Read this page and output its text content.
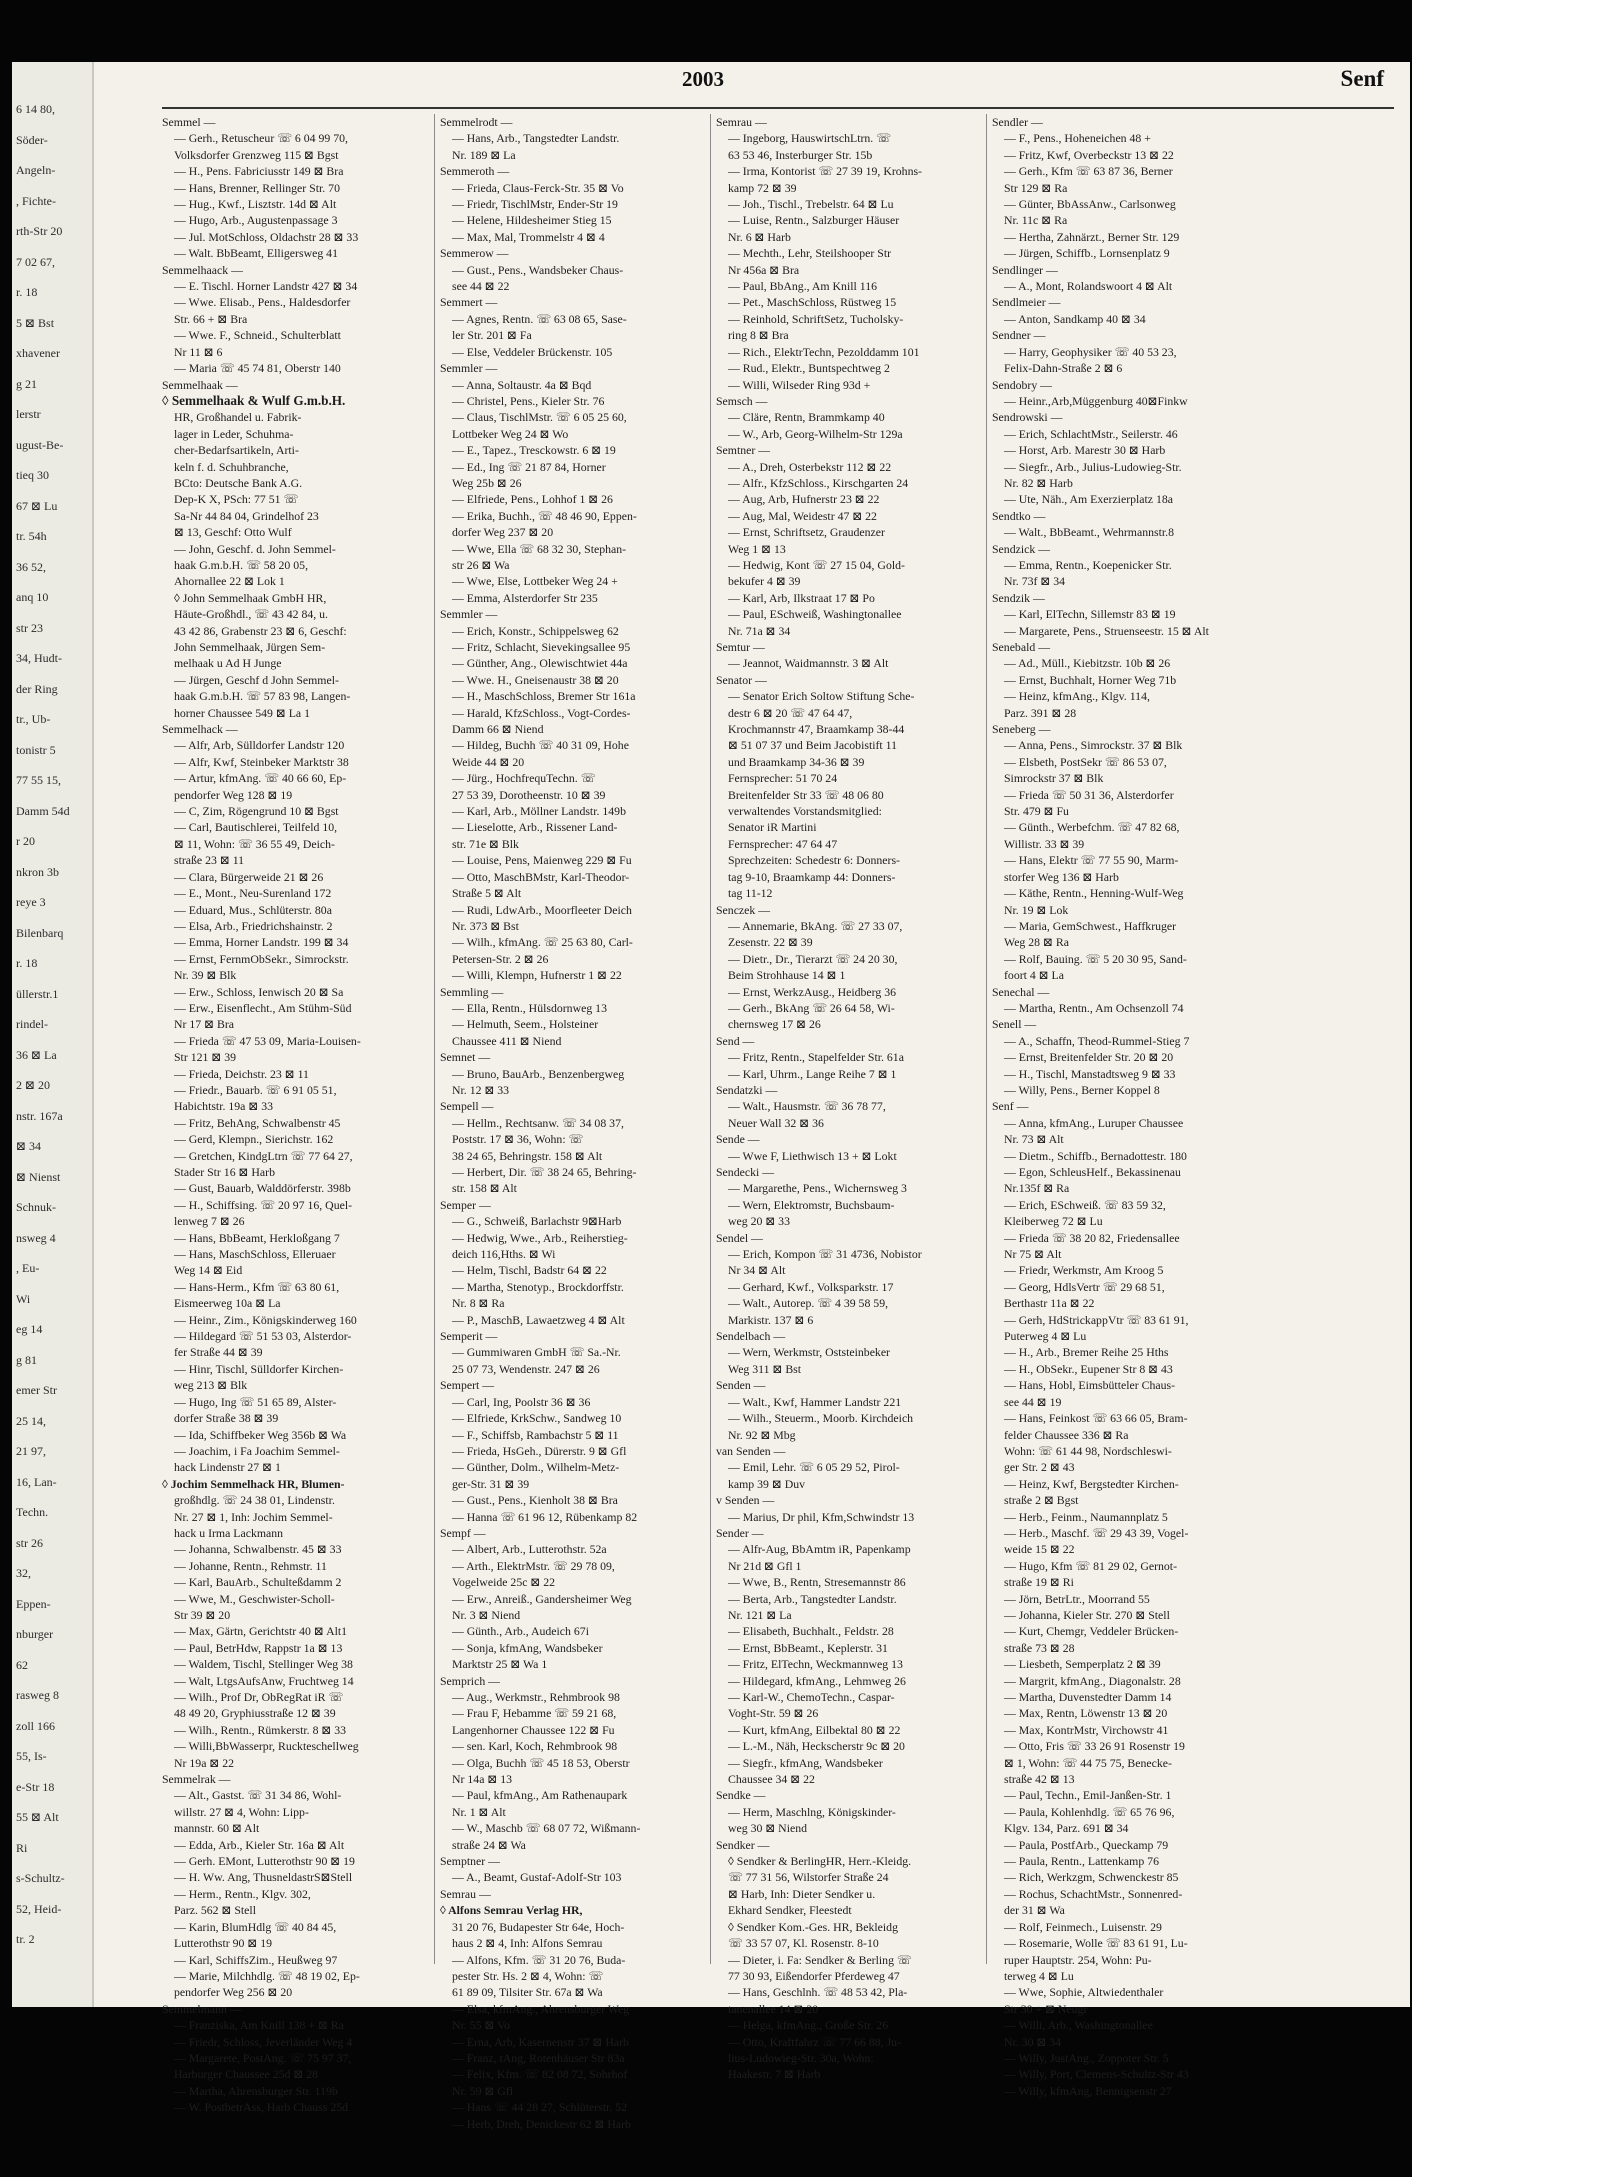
6 14 80,
Söder-
Angeln-
, Fichte-
rth-Str 20
7 02 67,
r. 18
5 ⊠ Bst
xhavener
g 21
lerstr
ugust-Be-
tieq 30
67 ⊠ Lu
tr. 54h
36 52,
anq 10
str 23
34, Hudt-
der Ring
tr., Ub-
tonistr 5
77 55 15,
Damm 54d
r 20
nkron 3b
reye 3
Bilenbarq
r. 18
üllerstr.1
rindel-
36 ⊠ La
2 ⊠ 20
nstr. 167a
⊠ 34
⊠ Nienst
Schnuk-
nsweg 4
, Eu-
Wi
eg 14
g 81
emer Str
25 14,
21 97,
16, Lan-
Techn.
str 26
32,
Eppen-
nburger
62
rasweg 8
zoll 166
55, Is-
e-Str 18
55 ⊠ Alt
Ri
s-Schultz-
52, Heid-
tr. 2
2003	Senf
Semmel —
— Gerh., Retuscheur ☏ 6 04 99 70,
Volksdorfer Grenzweg 115 ⊠ Bgst
— H., Pens. Fabriciusstr 149 ⊠ Bra
— Hans, Brenner, Rellinger Str. 70
— Hug., Kwf., Lisztstr. 14d ⊠ Alt
— Hugo, Arb., Augustenpassage 3
— Jul. MotSchloss, Oldachstr 28 ⊠ 33
— Walt. BbBeamt, Elligersweg 41
Semmelhaack —
— E. Tischl. Horner Landstr 427 ⊠ 34
— Wwe. Elisab., Pens., Haldesdorfer
Str. 66 + ⊠ Bra
— Wwe. F., Schneid., Schulterblatt
Nr 11 ⊠ 6
— Maria ☏ 45 74 81, Oberstr 140
Semmelhaak —
◊ Semmelhaak & Wulf G.m.b.H.
HR, Großhandel u. Fabrik-
lager in Leder, Schuhma-
cher-Bedarfsartikeln, Arti-
keln f. d. Schuhbranche,
BCto: Deutsche Bank A.G.
Dep-K X, PSch: 77 51 ☏
Sa-Nr 44 84 04, Grindelhof 23
⊠ 13, Geschf: Otto Wulf
— John, Geschf. d. John Semmel-
haak G.m.b.H. ☏ 58 20 05,
Ahornallee 22 ⊠ Lok 1
◊ John Semmelhaak GmbH HR,
Häute-Großhdl., ☏ 43 42 84, u.
43 42 86, Grabenstr 23 ⊠ 6, Geschf:
John Semmelhaak, Jürgen Sem-
melhaak u Ad H Junge
— Jürgen, Geschf d John Semmel-
haak G.m.b.H. ☏ 57 83 98, Langen-
horner Chaussee 549 ⊠ La 1
Semmelhack —
— Alfr, Arb, Sülldorfer Landstr 120
— Alfr, Kwf, Steinbeker Marktstr 38
— Artur, kfmAng. ☏ 40 66 60, Ep-
pendorfer Weg 128 ⊠ 19
— C, Zim, Rögengrund 10 ⊠ Bgst
— Carl, Bautischlerei, Teilfeld 10,
⊠ 11, Wohn: ☏ 36 55 49, Deich-
straße 23 ⊠ 11
— Clara, Bürgerweide 21 ⊠ 26
— E., Mont., Neu-Surenland 172
— Eduard, Mus., Schlüterstr. 80a
— Elsa, Arb., Friedrichshainstr. 2
— Emma, Horner Landstr. 199 ⊠ 34
— Ernst, FernmObSekr., Simrockstr.
Nr. 39 ⊠ Blk
— Erw., Schloss, Ienwisch 20 ⊠ Sa
— Erw., Eisenflecht., Am Stühm-Süd
Nr 17 ⊠ Bra
— Frieda ☏ 47 53 09, Maria-Louisen-
Str 121 ⊠ 39
— Frieda, Deichstr. 23 ⊠ 11
— Friedr., Bauarb. ☏ 6 91 05 51,
Habichtstr. 19a ⊠ 33
— Fritz, BehAng, Schwalbenstr 45
— Gerd, Klempn., Sierichstr. 162
— Gretchen, KindgLtrn ☏ 77 64 27,
Stader Str 16 ⊠ Harb
— Gust, Bauarb, Walddörferstr. 398b
— H., Schiffsing. ☏ 20 97 16, Quel-
lenweg 7 ⊠ 26
— Hans, BbBeamt, Herkloßgang 7
— Hans, MaschSchloss, Elleruaer
Weg 14 ⊠ Eid
— Hans-Herm., Kfm ☏ 63 80 61,
Eismeerweg 10a ⊠ La
— Heinr., Zim., Königskinderweg 160
— Hildegard ☏ 51 53 03, Alsterdor-
fer Straße 44 ⊠ 39
— Hinr, Tischl, Sülldorfer Kirchen-
weg 213 ⊠ Blk
— Hugo, Ing ☏ 51 65 89, Alster-
dorfer Straße 38 ⊠ 39
— Ida, Schiffbeker Weg 356b ⊠ Wa
— Joachim, i Fa Joachim Semmel-
hack Lindenstr 27 ⊠ 1
◊ Jochim Semmelhack HR, Blumen-
großhdlg. ☏ 24 38 01, Lindenstr.
Nr. 27 ⊠ 1, Inh: Jochim Semmel-
hack u Irma Lackmann
— Johanna, Schwalbenstr. 45 ⊠ 33
— Johanne, Rentn., Rehmstr. 11
— Karl, BauArb., Schulteßdamm 2
— Wwe, M., Geschwister-Scholl-
Str 39 ⊠ 20
— Max, Gärtn, Gerichtstr 40 ⊠ Alt1
— Paul, BetrHdw, Rappstr 1a ⊠ 13
— Waldem, Tischl, Stellinger Weg 38
— Walt, LtgsAufsAnw, Fruchtweg 14
— Wilh., Prof Dr, ObRegRat iR ☏
48 49 20, Gryphiusstraße 12 ⊠ 39
— Wilh., Rentn., Rümkerstr. 8 ⊠ 33
— Willi,BbWasserpr, Ruckteschellweg
Nr 19a ⊠ 22
Semmelrak —
— Alt., Gastst. ☏ 31 34 86, Wohl-
willstr. 27 ⊠ 4, Wohn: Lipp-
mannstr. 60 ⊠ Alt
— Edda, Arb., Kieler Str. 16a ⊠ Alt
— Gerh. EMont, Lutterothstr 90 ⊠ 19
— H. Ww. Ang, ThusneldastrS⊠Stell
— Herm., Rentn., Klgv. 302,
Parz. 562 ⊠ Stell
— Karin, BlumHdlg ☏ 40 84 45,
Lutterothstr 90 ⊠ 19
— Karl, SchiffsZim., Heußweg 97
— Marie, Milchhdlg. ☏ 48 19 02, Ep-
pendorfer Weg 256 ⊠ 20
Semmelmann —
— Franziska, Am Knill 138 + ⊠ Ra
— Friedr, Schloss, Jeverländer Weg 4
— Margarete, PostAng. ☏ 75 97 37,
Harburger Chaussee 25d ⊠ 28
— Martha, Ahrensburger Str. 119b
— W. PostbetrAss, Harb Chauss 25d
Semmelrodt —
— Hans, Arb., Tangstedter Landstr.
Nr. 189 ⊠ La
Semmeroth —
— Frieda, Claus-Ferck-Str. 35 ⊠ Vo
— Friedr, TischlMstr, Ender-Str 19
— Helene, Hildesheimer Stieg 15
— Max, Mal, Trommelstr 4 ⊠ 4
Semmerow —
— Gust., Pens., Wandsbeker Chaus-
see 44 ⊠ 22
Semmert —
— Agnes, Rentn. ☏ 63 08 65, Sase-
ler Str. 201 ⊠ Fa
— Else, Veddeler Brückenstr. 105
Semmler —
— Anna, Soltaustr. 4a ⊠ Bqd
— Christel, Pens., Kieler Str. 76
— Claus, TischlMstr. ☏ 6 05 25 60,
Lottbeker Weg 24 ⊠ Wo
— E., Tapez., Tresckowstr. 6 ⊠ 19
— Ed., Ing ☏ 21 87 84, Horner
Weg 25b ⊠ 26
— Elfriede, Pens., Lohhof 1 ⊠ 26
— Erika, Buchh., ☏ 48 46 90, Eppen-
dorfer Weg 237 ⊠ 20
— Wwe, Ella ☏ 68 32 30, Stephan-
str 26 ⊠ Wa
— Wwe, Else, Lottbeker Weg 24 +
— Emma, Alsterdorfer Str 235
Semmler —
— Erich, Konstr., Schippelsweg 62
— Fritz, Schlacht, Sievekingsallee 95
— Günther, Ang., Olewischtwiet 44a
— Wwe. H., Gneisenaustr 38 ⊠ 20
— H., MaschSchloss, Bremer Str 161a
— Harald, KfzSchloss., Vogt-Cordes-
Damm 66 ⊠ Niend
— Hildeg, Buchh ☏ 40 31 09, Hohe
Weide 44 ⊠ 20
— Jürg., HochfrequTechn. ☏
27 53 39, Dorotheenstr. 10 ⊠ 39
— Karl, Arb., Möllner Landstr. 149b
— Lieselotte, Arb., Rissener Land-
str. 71e ⊠ Blk
— Louise, Pens, Maienweg 229 ⊠ Fu
— Otto, MaschBMstr, Karl-Theodor-
Straße 5 ⊠ Alt
— Rudi, LdwArb., Moorfleeter Deich
Nr. 373 ⊠ Bst
— Wilh., kfmAng. ☏ 25 63 80, Carl-
Petersen-Str. 2 ⊠ 26
— Willi, Klempn, Hufnerstr 1 ⊠ 22
Semmling —
— Ella, Rentn., Hülsdornweg 13
— Helmuth, Seem., Holsteiner
Chaussee 411 ⊠ Niend
Semnet —
— Bruno, BauArb., Benzenbergweg
Nr. 12 ⊠ 33
Sempell —
— Hellm., Rechtsanw. ☏ 34 08 37,
Poststr. 17 ⊠ 36, Wohn: ☏
38 24 65, Behringstr. 158 ⊠ Alt
— Herbert, Dir. ☏ 38 24 65, Behring-
str. 158 ⊠ Alt
Semper —
— G., Schweiß, Barlachstr 9⊠Harb
— Hedwig, Wwe., Arb., Reiherstieg-
deich 116,Hths. ⊠ Wi
— Helm, Tischl, Badstr 64 ⊠ 22
— Martha, Stenotyp., Brockdorffstr.
Nr. 8 ⊠ Ra
— P., MaschB, Lawaetzweg 4 ⊠ Alt
Semperit —
— Gummiwaren GmbH ☏ Sa.-Nr.
25 07 73, Wendenstr. 247 ⊠ 26
Sempert —
— Carl, Ing, Poolstr 36 ⊠ 36
— Elfriede, KrkSchw., Sandweg 10
— F., Schiffsb, Rambachstr 5 ⊠ 11
— Frieda, HsGeh., Dürerstr. 9 ⊠ Gfl
— Günther, Dolm., Wilhelm-Metz-
ger-Str. 31 ⊠ 39
— Gust., Pens., Kienholt 38 ⊠ Bra
— Hanna ☏ 61 96 12, Rübenkamp 82
Sempf —
— Albert, Arb., Lutterothstr. 52a
— Arth., ElektrMstr. ☏ 29 78 09,
Vogelweide 25c ⊠ 22
— Erw., Anreiß., Gandersheimer Weg
Nr. 3 ⊠ Niend
— Günth., Arb., Audeich 67i
— Sonja, kfmAng, Wandsbeker
Marktstr 25 ⊠ Wa 1
Semprich —
— Aug., Werkmstr., Rehmbrook 98
— Frau F, Hebamme ☏ 59 21 68,
Langenhorner Chaussee 122 ⊠ Fu
— sen. Karl, Koch, Rehmbrook 98
— Olga, Buchh ☏ 45 18 53, Oberstr
Nr 14a ⊠ 13
— Paul, kfmAng., Am Rathenaupark
Nr. 1 ⊠ Alt
— W., Maschb ☏ 68 07 72, Wißmann-
straße 24 ⊠ Wa
Semptner —
— A., Beamt, Gustaf-Adolf-Str 103
Semrau —
◊ Alfons Semrau Verlag HR,
31 20 76, Budapester Str 64e, Hoch-
haus 2 ⊠ 4, Inh: Alfons Semrau
— Alfons, Kfm. ☏ 31 20 76, Buda-
pester Str. Hs. 2 ⊠ 4, Wohn: ☏
61 89 09, Tilsiter Str. 67a ⊠ Wa
— Elsa, kfmAng., Ahrensburger Weg
Nr. 55 ⊠ Vo
— Erna, Arb, Kasernenstr 37 ⊠ Harb
— Franz, tAng, Rotenhäuser Str 83a
— Felix, Kfm. ☏ 82 08 72, Sohrhof
Nr. 59 ⊠ Gfl
— Hans ☏ 44 28 27, Schlüterstr. 52
— Herb, Dreh, Denickestr 62 ⊠ Harb
Semrau —
— Ingeborg, HauswirtschLtrn. ☏
63 53 46, Insterburger Str. 15b
— Irma, Kontorist ☏ 27 39 19, Krohns-
kamp 72 ⊠ 39
— Joh., Tischl., Trebelstr. 64 ⊠ Lu
— Luise, Rentn., Salzburger Häuser
Nr. 6 ⊠ Harb
— Mechth., Lehr, Steilshooper Str
Nr 456a ⊠ Bra
— Paul, BbAng., Am Knill 116
— Pet., MaschSchloss, Rüstweg 15
— Reinhold, SchriftSetz, Tucholsky-
ring 8 ⊠ Bra
— Rich., ElektrTechn, Pezolddamm 101
— Rud., Elektr., Buntspechtweg 2
— Willi, Wilseder Ring 93d +
Semsch —
— Cläre, Rentn, Brammkamp 40
— W., Arb, Georg-Wilhelm-Str 129a
Semtner —
— A., Dreh, Osterbekstr 112 ⊠ 22
— Alfr., KfzSchloss., Kirschgarten 24
— Aug, Arb, Hufnerstr 23 ⊠ 22
— Aug, Mal, Weidestr 47 ⊠ 22
— Ernst, Schriftsetz, Graudenzer
Weg 1 ⊠ 13
— Hedwig, Kont ☏ 27 15 04, Gold-
bekufer 4 ⊠ 39
— Karl, Arb, Ilkstraat 17 ⊠ Po
— Paul, ESchweiß, Washingtonallee
Nr. 71a ⊠ 34
Semtur —
— Jeannot, Waidmannstr. 3 ⊠ Alt
Senator —
— Senator Erich Soltow Stiftung Sche-
destr 6 ⊠ 20 ☏ 47 64 47,
Krochmannstr 47, Braamkamp 38-44
⊠ 51 07 37 und Beim Jacobistift 11
und Braamkamp 34-36 ⊠ 39
Fernsprecher: 51 70 24
Breitenfelder Str 33 ☏ 48 06 80
verwaltendes Vorstandsmitglied:
Senator iR Martini
Fernsprecher: 47 64 47
Sprechzeiten: Schedestr 6: Donners-
tag 9-10, Braamkamp 44: Donners-
tag 11-12
Senczek —
— Annemarie, BkAng. ☏ 27 33 07,
Zesenstr. 22 ⊠ 39
— Dietr., Dr., Tierarzt ☏ 24 20 30,
Beim Strohhause 14 ⊠ 1
— Ernst, WerkzAusg., Heidberg 36
— Gerh., BkAng ☏ 26 64 58, Wi-
chernsweg 17 ⊠ 26
Send —
— Fritz, Rentn., Stapelfelder Str. 61a
— Karl, Uhrm., Lange Reihe 7 ⊠ 1
Sendatzki —
— Walt., Hausmstr. ☏ 36 78 77,
Neuer Wall 32 ⊠ 36
Sende —
— Wwe F, Liethwisch 13 + ⊠ Lokt
Sendecki —
— Margarethe, Pens., Wichernsweg 3
— Wern, Elektromstr, Buchsbaum-
weg 20 ⊠ 33
Sendel —
— Erich, Kompon ☏ 31 4736, Nobistor
Nr 34 ⊠ Alt
— Gerhard, Kwf., Volksparkstr. 17
— Walt., Autorep. ☏ 4 39 58 59,
Markistr. 137 ⊠ 6
Sendelbach —
— Wern, Werkmstr, Oststeinbeker
Weg 311 ⊠ Bst
Senden —
— Walt., Kwf, Hammer Landstr 221
— Wilh., Steuerm., Moorb. Kirchdeich
Nr. 92 ⊠ Mbg
van Senden —
— Emil, Lehr. ☏ 6 05 29 52, Pirol-
kamp 39 ⊠ Duv
v Senden —
— Marius, Dr phil, Kfm,Schwindstr 13
Sender —
— Alfr-Aug, BbAmtm iR, Papenkamp
Nr 21d ⊠ Gfl 1
— Wwe, B., Rentn, Stresemannstr 86
— Berta, Arb., Tangstedter Landstr.
Nr. 121 ⊠ La
— Elisabeth, Buchhalt., Feldstr. 28
— Ernst, BbBeamt., Keplerstr. 31
— Fritz, ElTechn, Weckmannweg 13
— Hildegard, kfmAng., Lehmweg 26
— Karl-W., ChemoTechn., Caspar-
Voght-Str. 59 ⊠ 26
— Kurt, kfmAng, Eilbektal 80 ⊠ 22
— L.-M., Näh, Heckscherstr 9c ⊠ 20
— Siegfr., kfmAng, Wandsbeker
Chaussee 34 ⊠ 22
Sendke —
— Herm, Maschlng, Königskinder-
weg 30 ⊠ Niend
Sendker —
◊ Sendker & BerlingHR, Herr.-Kleidg.
☏ 77 31 56, Wilstorfer Straße 24
⊠ Harb, Inh: Dieter Sendker u.
Ekhard Sendker, Fleestedt
◊ Sendker Kom.-Ges. HR, Bekleidg
☏ 33 57 07, Kl. Rosenstr. 8-10
— Dieter, i. Fa: Sendker & Berling ☏
77 30 93, Eißendorfer Pferdeweg 47
— Hans, Geschlnh. ☏ 48 53 42, Pla-
tanenallee 14 ⊠ 20
— Helga, kfmAng., Große Str. 26
— Otto, Kraftfahrz ☏ 77 66 88, Ju-
lius-Ludowieg-Str. 30a, Wohn:
Haakestr. 7 ⊠ Harb
Sendler —
— F., Pens., Hoheneichen 48 +
— Fritz, Kwf, Overbeckstr 13 ⊠ 22
— Gerh., Kfm ☏ 63 87 36, Berner
Str 129 ⊠ Ra
— Günter, BbAssAnw., Carlsonweg
Nr. 11c ⊠ Ra
— Hertha, Zahnärzt., Berner Str. 129
— Jürgen, Schiffb., Lornsenplatz 9
Sendlinger —
— A., Mont, Rolandswoort 4 ⊠ Alt
Sendlmeier —
— Anton, Sandkamp 40 ⊠ 34
Sendner —
— Harry, Geophysiker ☏ 40 53 23,
Felix-Dahn-Straße 2 ⊠ 6
Sendobry —
— Heinr.,Arb,Müggenburg 40⊠Finkw
Sendrowski —
— Erich, SchlachtMstr., Seilerstr. 46
— Horst, Arb. Marestr 30 ⊠ Harb
— Siegfr., Arb., Julius-Ludowieg-Str.
Nr. 82 ⊠ Harb
— Ute, Näh., Am Exerzierplatz 18a
Sendtko —
— Walt., BbBeamt., Wehrmannstr.8
Sendzick —
— Emma, Rentn., Koepenicker Str.
Nr. 73f ⊠ 34
Sendzik —
— Karl, ElTechn, Sillemstr 83 ⊠ 19
— Margarete, Pens., Struenseestr. 15 ⊠ Alt
Senebald —
— Ad., Müll., Kiebitzstr. 10b ⊠ 26
— Ernst, Buchhalt, Horner Weg 71b
— Heinz, kfmAng., Klgv. 114,
Parz. 391 ⊠ 28
Seneberg —
— Anna, Pens., Simrockstr. 37 ⊠ Blk
— Elsbeth, PostSekr ☏ 86 53 07,
Simrockstr 37 ⊠ Blk
— Frieda ☏ 50 31 36, Alsterdorfer
Str. 479 ⊠ Fu
— Günth., Werbefchm. ☏ 47 82 68,
Willistr. 33 ⊠ 39
— Hans, Elektr ☏ 77 55 90, Marm-
storfer Weg 136 ⊠ Harb
— Käthe, Rentn., Henning-Wulf-Weg
Nr. 19 ⊠ Lok
— Maria, GemSchwest., Haffkruger
Weg 28 ⊠ Ra
— Rolf, Bauing. ☏ 5 20 30 95, Sand-
foort 4 ⊠ La
Senechal —
— Martha, Rentn., Am Ochsenzoll 74
Senell —
— A., Schaffn, Theod-Rummel-Stieg 7
— Ernst, Breitenfelder Str. 20 ⊠ 20
— H., Tischl, Manstadtsweg 9 ⊠ 33
— Willy, Pens., Berner Koppel 8
Senf —
— Anna, kfmAng., Luruper Chaussee
Nr. 73 ⊠ Alt
— Dietm., Schiffb., Bernadottestr. 180
— Egon, SchleusHelf., Bekassinenau
Nr.135f ⊠ Ra
— Erich, ESchweiß. ☏ 83 59 32,
Kleiberweg 72 ⊠ Lu
— Frieda ☏ 38 20 82, Friedensallee
Nr 75 ⊠ Alt
— Friedr, Werkmstr, Am Kroog 5
— Georg, HdlsVertr ☏ 29 68 51,
Berthastr 11a ⊠ 22
— Gerh, HdStrickappVtr ☏ 83 61 91,
Puterweg 4 ⊠ Lu
— H., Arb., Bremer Reihe 25 Hths
— H., ObSekr., Eupener Str 8 ⊠ 43
— Hans, Hobl, Eimsbütteler Chaus-
see 44 ⊠ 19
— Hans, Feinkost ☏ 63 66 05, Bram-
felder Chaussee 336 ⊠ Ra
Wohn: ☏ 61 44 98, Nordschleswi-
ger Str. 2 ⊠ 43
— Heinz, Kwf, Bergstedter Kirchen-
straße 2 ⊠ Bgst
— Herb., Feinm., Naumannplatz 5
— Herb., Maschf. ☏ 29 43 39, Vogel-
weide 15 ⊠ 22
— Hugo, Kfm ☏ 81 29 02, Gernot-
straße 19 ⊠ Ri
— Jörn, BetrLtr., Moorrand 55
— Johanna, Kieler Str. 270 ⊠ Stell
— Kurt, Chemgr, Veddeler Brücken-
straße 73 ⊠ 28
— Liesbeth, Semperplatz 2 ⊠ 39
— Margrit, kfmAng., Diagonalstr. 28
— Martha, Duvenstedter Damm 14
— Max, Rentn, Löwenstr 13 ⊠ 20
— Max, KontrMstr, Virchowstr 41
— Otto, Fris ☏ 33 26 91 Rosenstr 19
⊠ 1, Wohn: ☏ 44 75 75, Benecke-
straße 42 ⊠ 13
— Paul, Techn., Emil-Janßen-Str. 1
— Paula, Kohlenhdlg. ☏ 65 76 96,
Klgv. 134, Parz. 691 ⊠ 34
— Paula, PostfArb., Queckamp 79
— Paula, Rentn., Lattenkamp 76
— Rich, Werkzgm, Schwenckestr 85
— Rochus, SchachtMstr., Sonnenred-
der 31 ⊠ Wa
— Rolf, Feinmech., Luisenstr. 29
— Rosemarie, Wolle ☏ 83 61 91, Lu-
ruper Hauptstr. 254, Wohn: Pu-
terweg 4 ⊠ Lu
— Wwe, Sophie, Altwiedenthaler
Str 30 + ⊠ Neugr
— Willi, Arb., Washingtonallee
Nr. 30 ⊠ 34
— Willy, JustAng., Zoppoter Str. 5
— Willy, Port, Clemens-Schultz-Str 43
— Willy, kfmAng, Bennigsenstr 27
